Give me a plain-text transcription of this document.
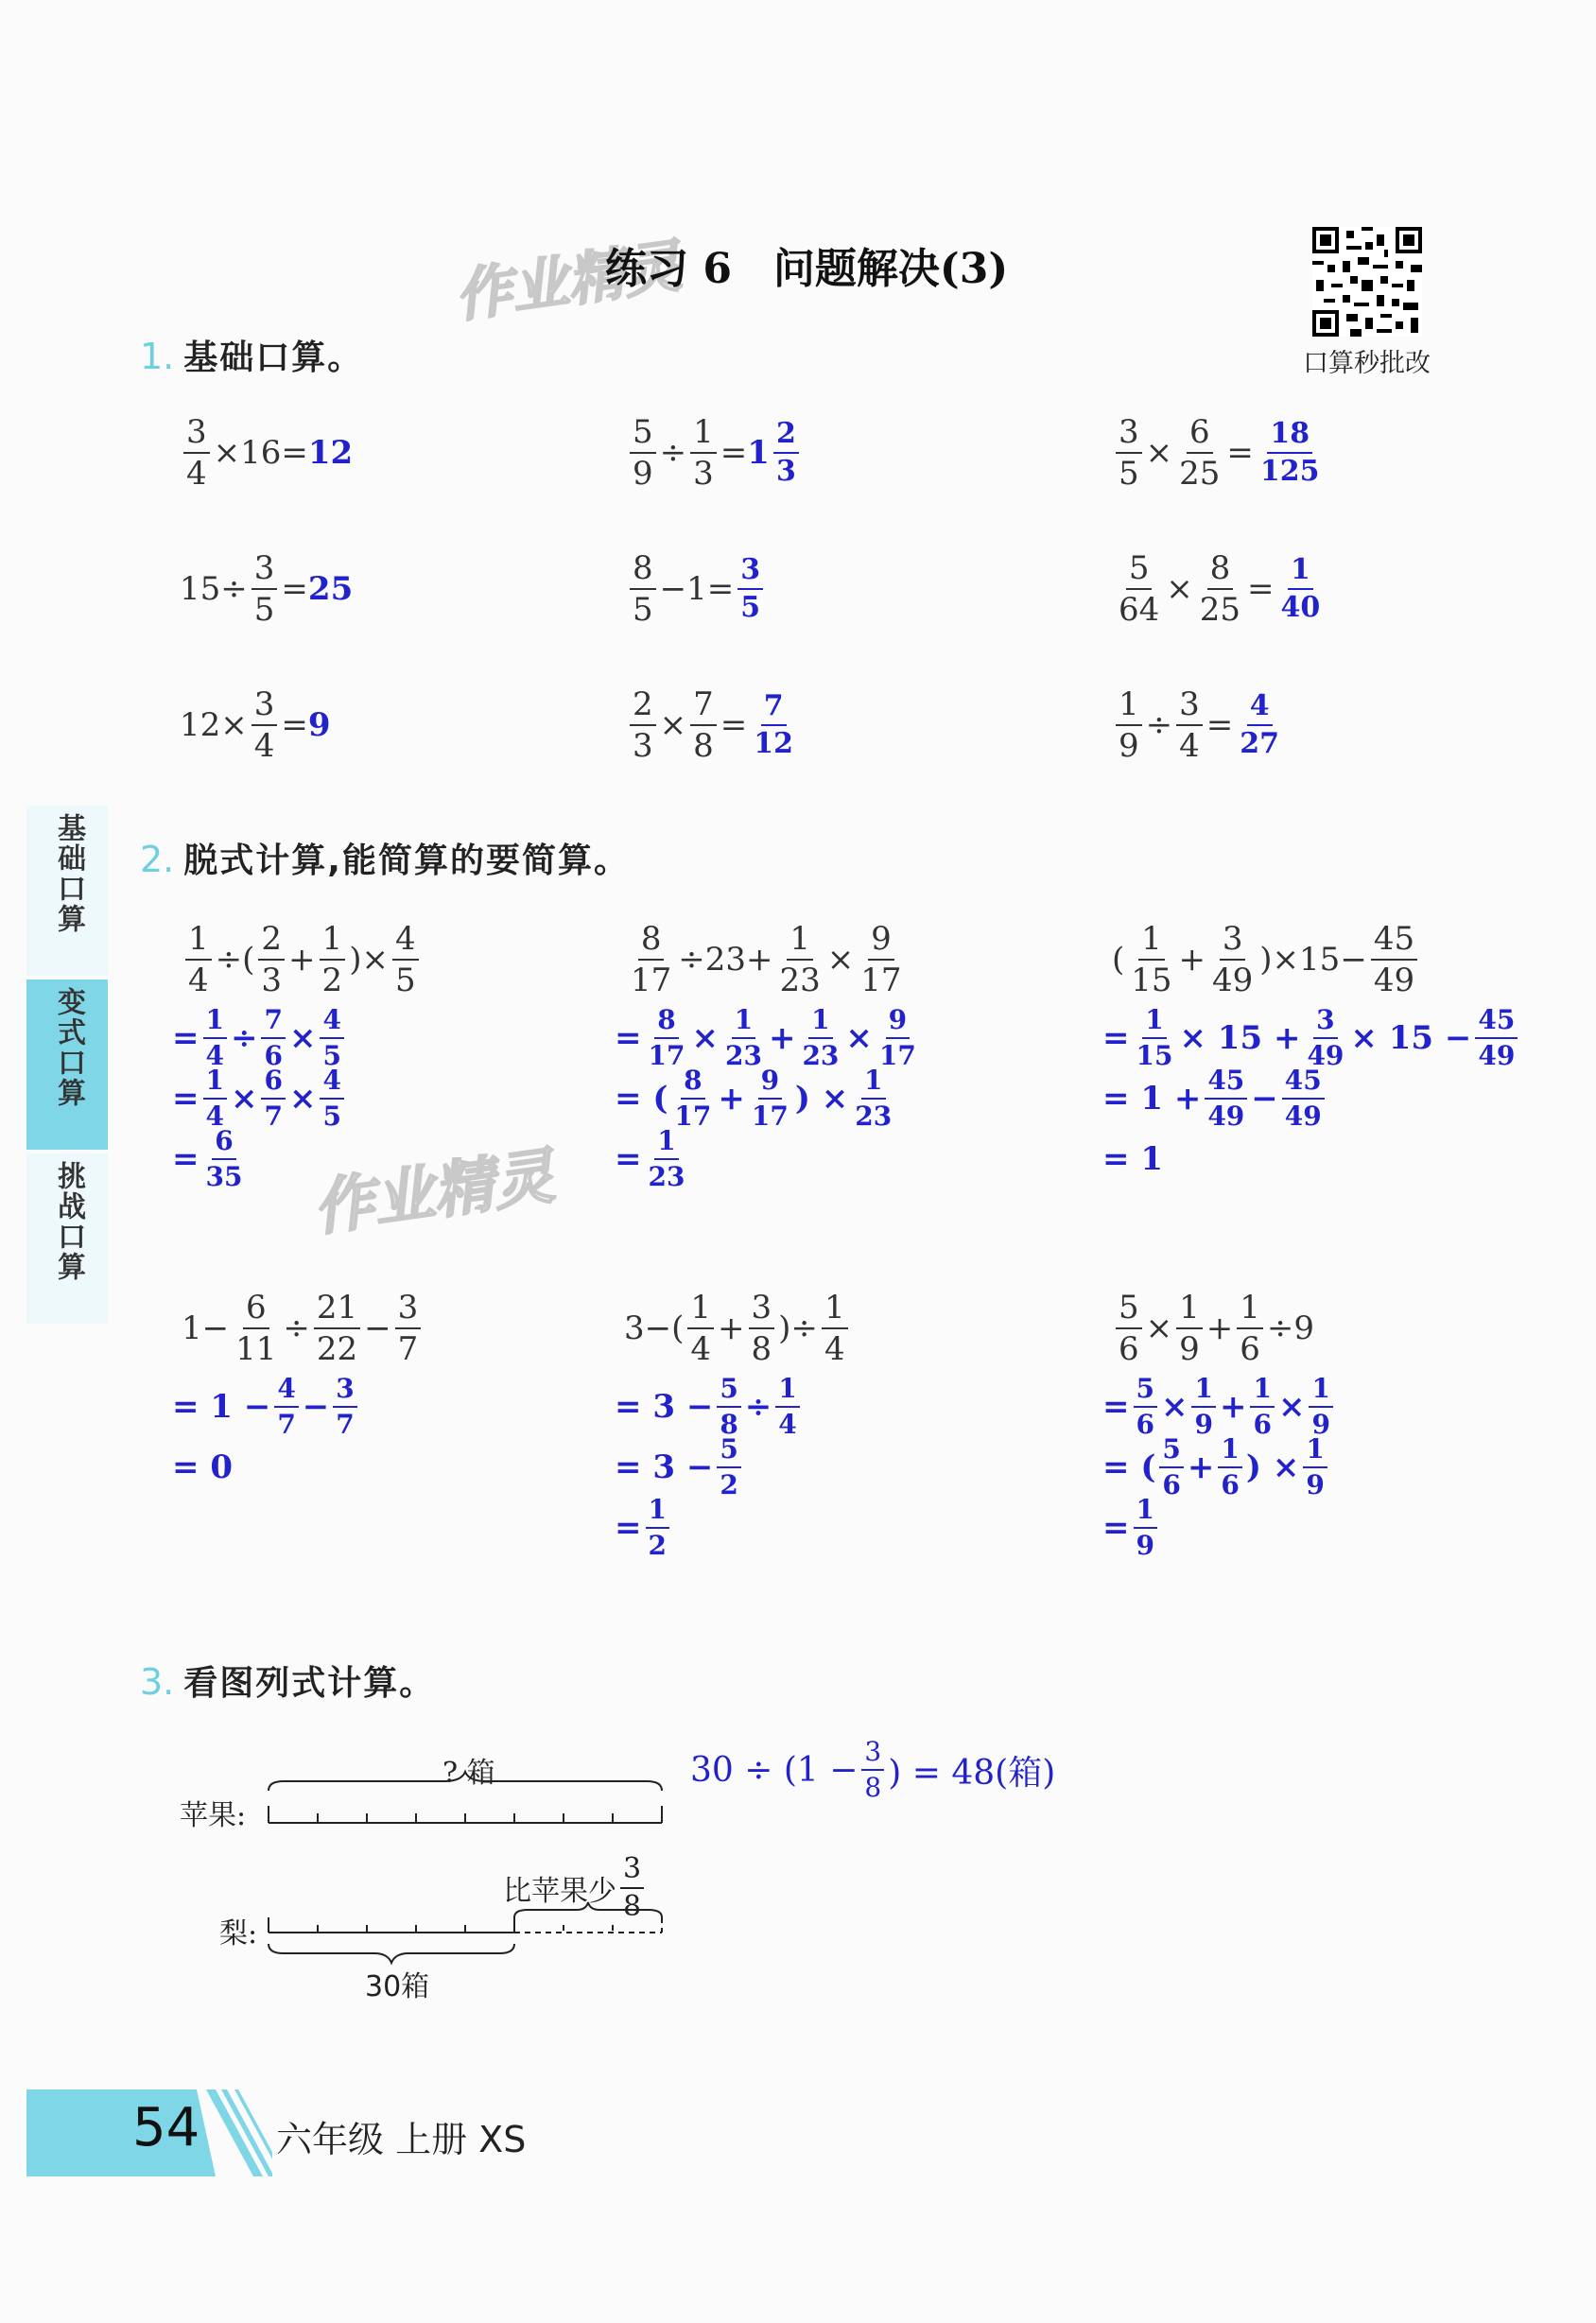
作业精灵
练习 6　问题解决(3)
口算秒批改
基础口算
变式口算
挑战口算
1. 基础口算。
$\frac{3}{4} \times 16= 12$	$\frac{5}{9} \div \frac{1}{3} = 1 \frac{2}{3}$	$\frac{3}{5} \times \frac{6}{25} = \frac{18}{125}$
$15\div \frac{3}{5} = 25$	$\frac{8}{5} -1= \frac{3}{5}$	$\frac{5}{64} \times \frac{8}{25} = \frac{1}{40}$
$12\times \frac{3}{4} = 9$	$\frac{2}{3} \times \frac{7}{8} = \frac{7}{12}$	$\frac{1}{9} \div \frac{3}{4} = \frac{4}{27}$
2. 脱式计算,能简算的要简算。
作业精灵
$\frac{1}{4}$ ÷( $\frac{2}{3} + \frac{1}{2}$ )× $\frac{4}{5}$
= $\frac{1}{4} \div \frac{7}{6} \times \frac{4}{5}$
= $\frac{1}{4} \times \frac{6}{7} \times \frac{4}{5}$
= $\frac{6}{35}$
$\frac{8}{17} \div 23+ \frac{1}{23} \times \frac{9}{17}$
= $\frac{8}{17} \times \frac{1}{23} + \frac{1}{23} \times \frac{9}{17}$
= ( $\frac{8}{17} + \frac{9}{17}$ ) × $\frac{1}{23}$
= $\frac{1}{23}$
( $\frac{1}{15} + \frac{3}{49} )\times 15- \frac{45}{49}$
= $\frac{1}{15} \times 15 + \frac{3}{49} \times 15 - \frac{45}{49}$
= $1 + \frac{45}{49} - \frac{45}{49}$
= 1
$1- \frac{6}{11} \div \frac{21}{22} - \frac{3}{7}$
= $1 - \frac{4}{7} - \frac{3}{7}$
= 0
$3-( \frac{1}{4} + \frac{3}{8}$ )÷ $\frac{1}{4}$
= $3 - \frac{5}{8} \div \frac{1}{4}$
= $3 - \frac{5}{2}$
= $\frac{1}{2}$
$\frac{5}{6} \times \frac{1}{9} + \frac{1}{6} \div 9$
= $\frac{5}{6} \times \frac{1}{9} + \frac{1}{6} \times \frac{1}{9}$
= ( $\frac{5}{6} + \frac{1}{6}$ ) × $\frac{1}{9}$
= $\frac{1}{9}$
3. 看图列式计算。
苹果:
? 箱
梨:
比苹果少 $\frac{3}{8}$
30箱
$30 \div (1 - \frac{3}{8}$ ) = 48(箱)
54 六年级 上册 XS
